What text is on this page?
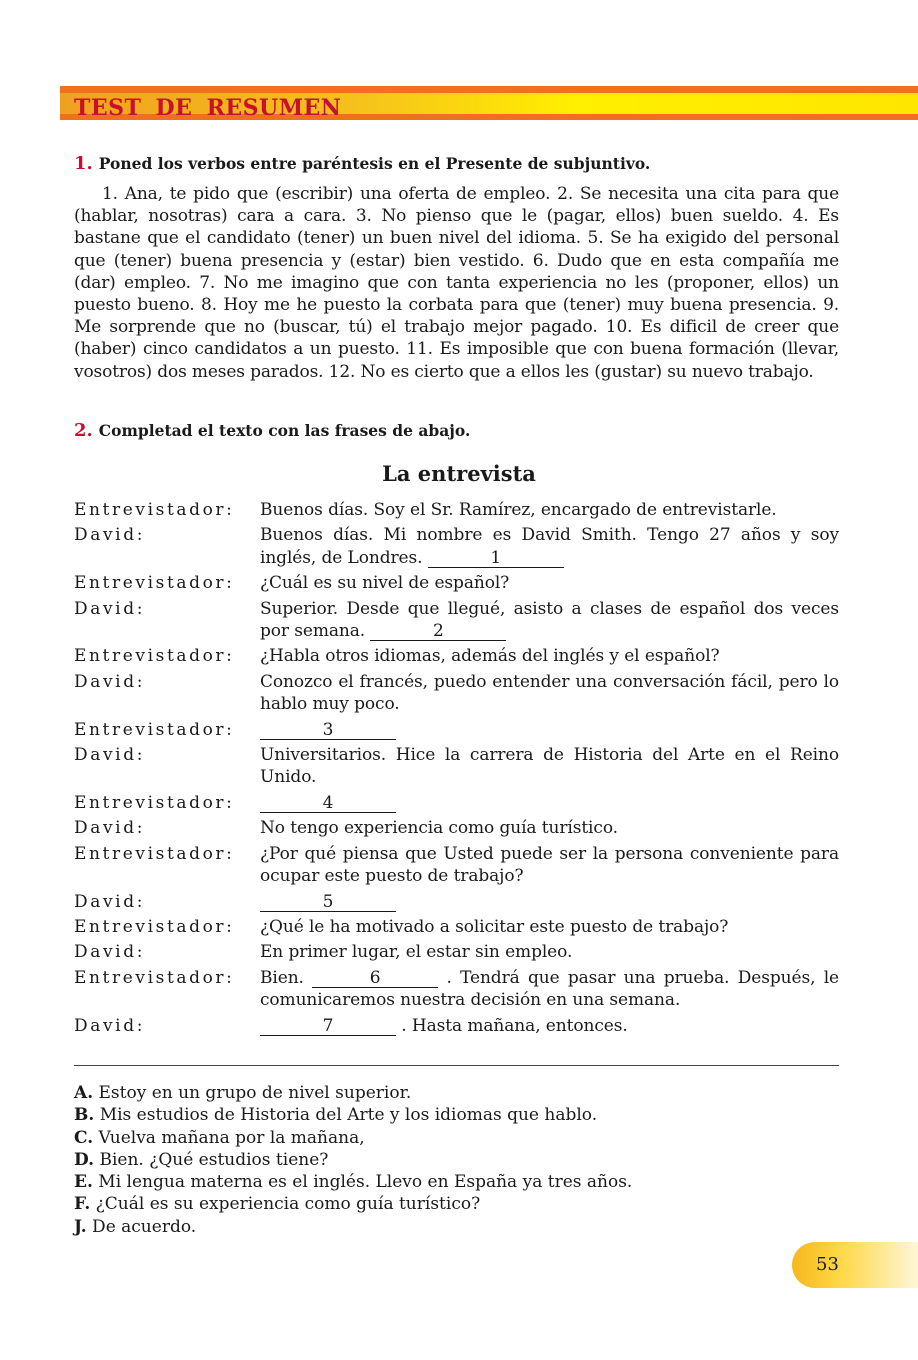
TEST DE RESUMEN
1. Poned los verbos entre paréntesis en el Presente de subjuntivo.
1. Ana, te pido que (escribir) una oferta de empleo. 2. Se necesita una cita para que (hablar, nosotras) cara a cara. 3. No pienso que le (pagar, ellos) buen sueldo. 4. Es bastane que el candidato (tener) un buen nivel del idioma. 5. Se ha exigido del personal que (tener) buena presencia y (estar) bien vestido. 6. Dudo que en esta compañía me (dar) empleo. 7. No me imagino que con tanta experiencia no les (proponer, ellos) un puesto bueno. 8. Hoy me he puesto la corbata para que (tener) muy buena presencia. 9. Me sorprende que no (buscar, tú) el trabajo mejor pagado. 10. Es dificil de creer que (haber) cinco candidatos a un puesto. 11. Es imposible que con buena formación (llevar, vosotros) dos meses parados. 12. No es cierto que a ellos les (gustar) su nuevo trabajo.
2. Completad el texto con las frases de abajo.
La entrevista
Entrevistador: Buenos días. Soy el Sr. Ramírez, encargado de entrevistarle.
David:	Buenos días. Mi nombre es David Smith. Tengo 27 años y soy inglés, de Londres.	1
Entrevistador: ¿Cuál es su nivel de español?
David:	Superior. Desde que llegué, asisto a clases de español dos veces por semana.	2
Entrevistador: ¿Habla otros idiomas, además del inglés y el español?
David:	Conozco el francés, puedo entender una conversación fácil, pero lo hablo muy poco.
Entrevistador:	3
David:	Universitarios. Hice la carrera de Historia del Arte en el Reino Unido.
Entrevistador:	4
David:	No tengo experiencia como guía turístico.
Entrevistador: ¿Por qué piensa que Usted puede ser la persona conveniente para ocupar este puesto de trabajo?
David:	5
Entrevistador: ¿Qué le ha motivado a solicitar este puesto de trabajo?
David:	En primer lugar, el estar sin empleo.
Entrevistador: Bien.	6	. Tendrá que pasar una prueba. Después, le comunicaremos nuestra decisión en una semana.
David:	7	. Hasta mañana, entonces.
A. Estoy en un grupo de nivel superior.
B. Mis estudios de Historia del Arte y los idiomas que hablo.
C. Vuelva mañana por la mañana,
D. Bien. ¿Qué estudios tiene?
E. Mi lengua materna es el inglés. Llevo en España ya tres años.
F. ¿Cuál es su experiencia como guía turístico?
J. De acuerdo.
53
